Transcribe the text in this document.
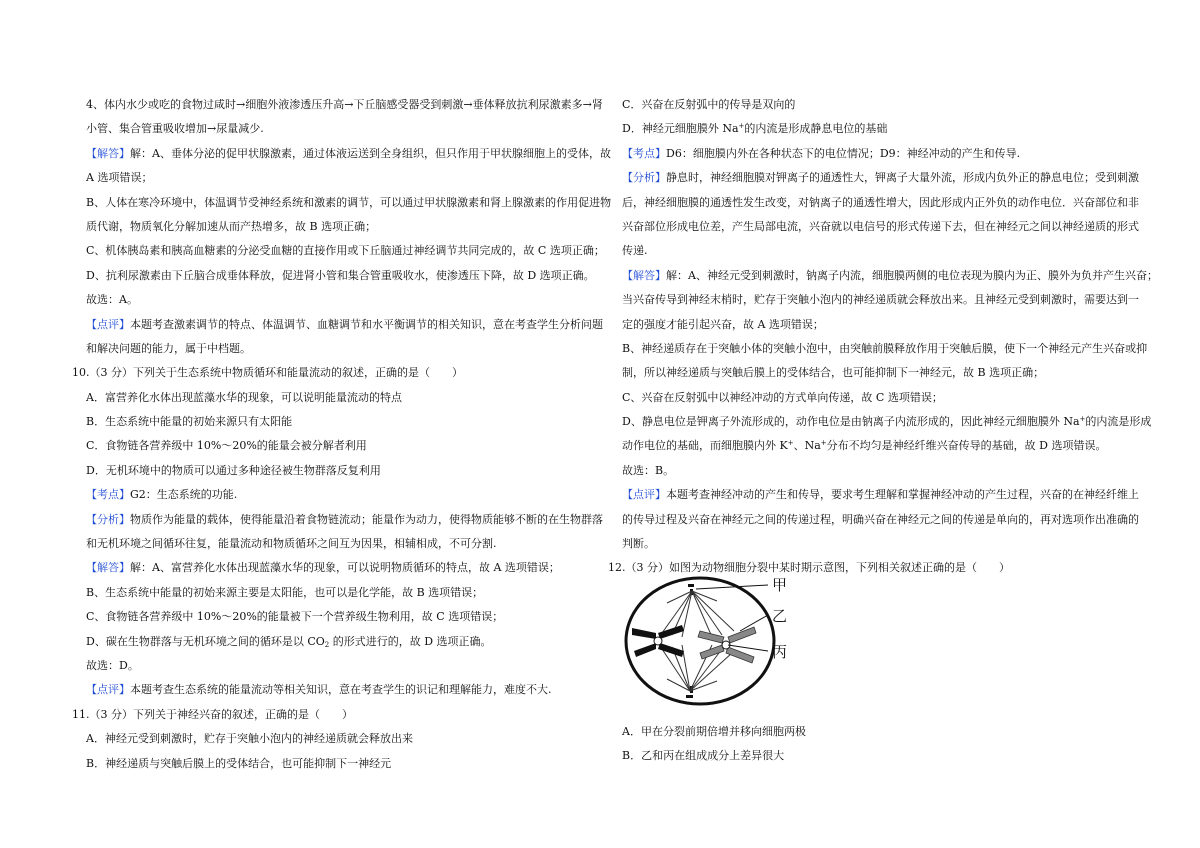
4、体内水少或吃的食物过咸时→细胞外液渗透压升高→下丘脑感受器受到刺激→垂体释放抗利尿激素多→肾
小管、集合管重吸收增加→尿量减少.
【解答】解：A、垂体分泌的促甲状腺激素，通过体液运送到全身组织，但只作用于甲状腺细胞上的受体，故
A 选项错误；
B、人体在寒冷环境中，体温调节受神经系统和激素的调节，可以通过甲状腺激素和肾上腺激素的作用促进物
质代谢，物质氧化分解加速从而产热增多，故 B 选项正确；
C、机体胰岛素和胰高血糖素的分泌受血糖的直接作用或下丘脑通过神经调节共同完成的，故 C 选项正确；
D、抗利尿激素由下丘脑合成垂体释放，促进肾小管和集合管重吸收水，使渗透压下降，故 D 选项正确。
故选：A。
【点评】本题考查激素调节的特点、体温调节、血糖调节和水平衡调节的相关知识，意在考查学生分析问题
和解决问题的能力，属于中档题。
10.（3 分）下列关于生态系统中物质循环和能量流动的叙述，正确的是（　　）
A．富营养化水体出现蓝藻水华的现象，可以说明能量流动的特点
B．生态系统中能量的初始来源只有太阳能
C．食物链各营养级中 10%～20%的能量会被分解者利用
D．无机环境中的物质可以通过多种途径被生物群落反复利用
【考点】G2：生态系统的功能.
【分析】物质作为能量的载体，使得能量沿着食物链流动；能量作为动力，使得物质能够不断的在生物群落
和无机环境之间循环往复，能量流动和物质循环之间互为因果，相辅相成，不可分割.
【解答】解：A、富营养化水体出现蓝藻水华的现象，可以说明物质循环的特点，故 A 选项错误；
B、生态系统中能量的初始来源主要是太阳能，也可以是化学能，故 B 选项错误；
C、食物链各营养级中 10%～20%的能量被下一个营养级生物利用，故 C 选项错误；
D、碳在生物群落与无机环境之间的循环是以 $CO_2$ 的形式进行的，故 D 选项正确。
故选：D。
【点评】本题考查生态系统的能量流动等相关知识，意在考查学生的识记和理解能力，难度不大.
11.（3 分）下列关于神经兴奋的叙述，正确的是（　　）
A．神经元受到刺激时，贮存于突触小泡内的神经递质就会释放出来
B．神经递质与突触后膜上的受体结合，也可能抑制下一神经元
C．兴奋在反射弧中的传导是双向的
D．神经元细胞膜外 Na+的内流是形成静息电位的基础
【考点】D6：细胞膜内外在各种状态下的电位情况；D9：神经冲动的产生和传导.
【分析】静息时，神经细胞膜对钾离子的通透性大，钾离子大量外流，形成内负外正的静息电位；受到刺激
后，神经细胞膜的通透性发生改变，对钠离子的通透性增大，因此形成内正外负的动作电位．兴奋部位和非
兴奋部位形成电位差，产生局部电流，兴奋就以电信号的形式传递下去，但在神经元之间以神经递质的形式
传递.
【解答】解：A、神经元受到刺激时，钠离子内流，细胞膜两侧的电位表现为膜内为正、膜外为负并产生兴奋；
当兴奋传导到神经末梢时，贮存于突触小泡内的神经递质就会释放出来。且神经元受到刺激时，需要达到一
定的强度才能引起兴奋，故 A 选项错误；
B、神经递质存在于突触小体的突触小泡中，由突触前膜释放作用于突触后膜，使下一个神经元产生兴奋或抑
制，所以神经递质与突触后膜上的受体结合，也可能抑制下一神经元，故 B 选项正确；
C、兴奋在反射弧中以神经冲动的方式单向传递，故 C 选项错误；
D、静息电位是钾离子外流形成的，动作电位是由钠离子内流形成的，因此神经元细胞膜外 Na+的内流是形成
动作电位的基础，而细胞膜内外 K+、Na+分布不均匀是神经纤维兴奋传导的基础，故 D 选项错误。
故选：B。
【点评】本题考查神经冲动的产生和传导，要求考生理解和掌握神经冲动的产生过程，兴奋的在神经纤维上
的传导过程及兴奋在神经元之间的传递过程，明确兴奋在神经元之间的传递是单向的，再对选项作出准确的
判断。
12.（3 分）如图为动物细胞分裂中某时期示意图，下列相关叙述正确的是（　　）
A．甲在分裂前期倍增并移向细胞两极
B．乙和丙在组成成分上差异很大
甲
乙
丙
